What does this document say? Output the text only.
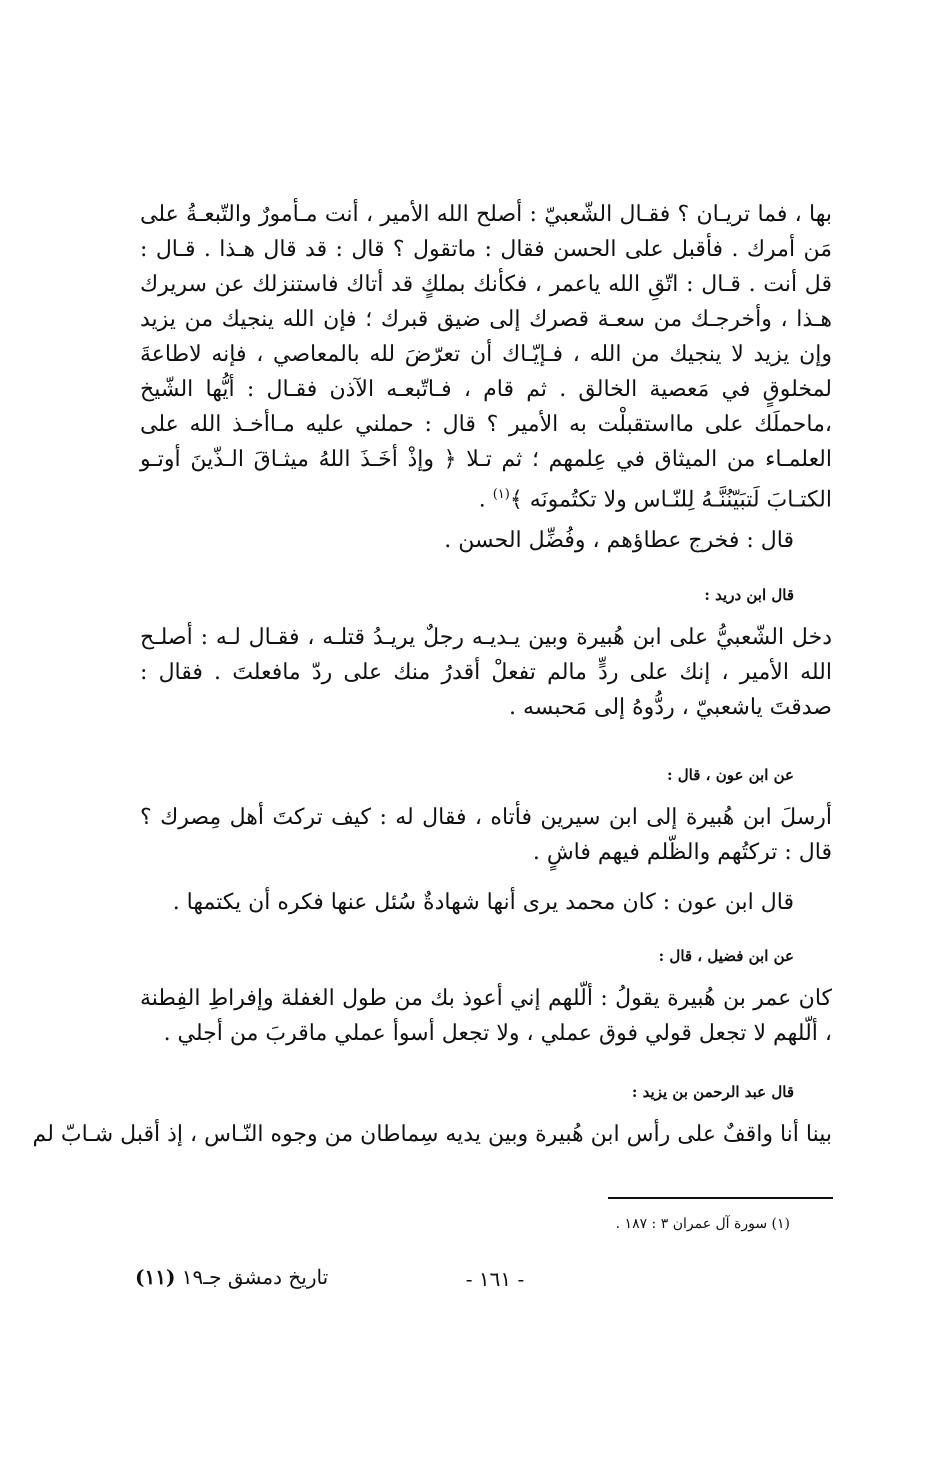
بها ، فما تريـان ؟ فقـال الشّعبيّ : أصلح الله الأمير ، أنت مـأمورٌ والتّبعـةُ على مَن أمرك . فأقبل على الحسن فقال : ماتقول ؟ قال : قد قال هـذا . قـال : قل أنت . قـال : اتّقِ الله ياعمر ، فكأنك بملكٍ قد أتاك فاستنزلك عن سريرك هـذا ، وأخرجـك من سعـة قصرك إلى ضيق قبرك ؛ فإن الله ينجيك من يزيد وإن يزيد لا ينجيك من الله ، فـإيّـاك أن تعرّضَ لله بالمعاصي ، فإنه لاطاعةَ لمخلوقٍ في مَعصية الخالق . ثم قام ، فـاتّبعـه الآذن فقـال : أيُّها الشّيخ ،ماحملَك على مااستقبلْت به الأمير ؟ قال : حملني عليه مـاأخـذ الله على العلمـاء من الميثاق في عِلمهم ؛ ثم تـلا ﴿ وإذْ أخَـذَ اللهُ ميثـاقَ الـذّينَ أوتـو الكتـابَ لَتبَيّنُنَّـهُ لِلنّـاس ولا تكتُمونَه ﴾$^{(١)}$ .

قال : فخرج عطاؤهم ، وفُضِّل الحسن .

قال ابن دريد :

دخل الشّعبيُّ على ابن هُبيرة وبين يـديـه رجلٌ يريـدُ قتلـه ، فقـال لـه : أصلـح الله الأمير ، إنك على ردٍّ مالم تفعلْ أقدرُ منك على ردّ مافعلتَ . فقال : صدقتَ ياشعبيّ ، ردُّوهُ إلى مَحبسه .

عن ابن عون ، قال :

أرسلَ ابن هُبيرة إلى ابن سيرين فأتاه ، فقال له : كيف تركتَ أهل مِصرك ؟ قال : تركتُهم والظّلم فيهم فاشٍ .

قال ابن عون : كان محمد يرى أنها شهادةٌ سُئل عنها فكره أن يكتمها .

عن ابن فضيل ، قال :

كان عمر بن هُبيرة يقولُ : ألّلهم إني أعوذ بك من طول الغفلة وإفراطِ الفِطنة ، ألّلهم لا تجعل قولي فوق عملي ، ولا تجعل أسوأ عملي ماقربَ من أجلي .

قال عبد الرحمن بن يزيد :

بينا أنا واقفٌ على رأس ابن هُبيرة وبين يديه سِماطان من وجوه النّـاس ، إذ أقبل شـابّ لم

(١) سورة آل عمران ٣ : ١٨٧ .
- ١٦١ -
تاريخ دمشق جـ١٩ (١١)
